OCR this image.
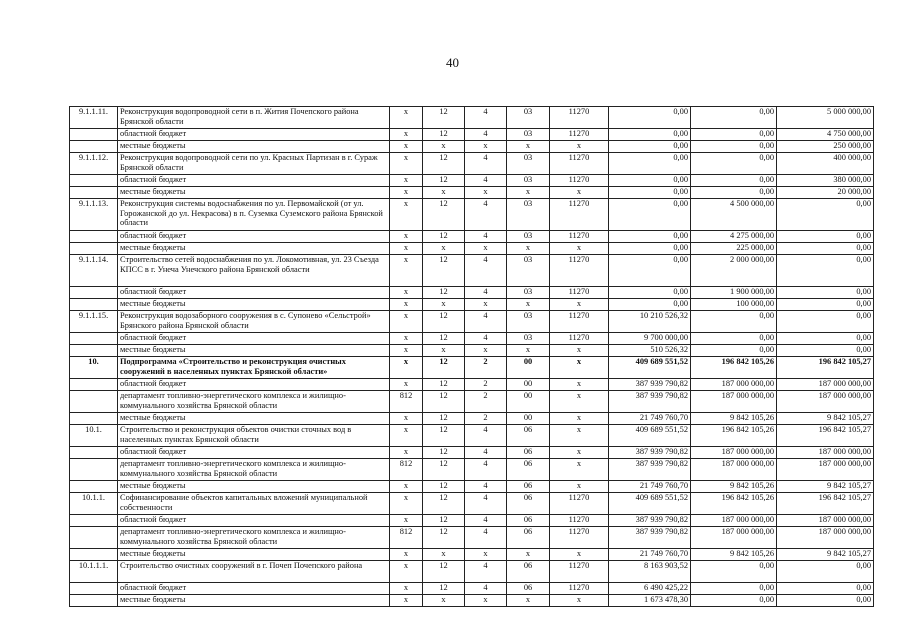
40
9.1.1.11.	Реконструкция водопроводной сети в п. Жития Почепского района Брянской области	х	12	4	03	11270	0,00	0,00	5 000 000,00
	областной бюджет	х	12	4	03	11270	0,00	0,00	4 750 000,00
	местные бюджеты	х	х	х	х	х	0,00	0,00	250 000,00
9.1.1.12.	Реконструкция водопроводной сети по ул. Красных Партизан в г. Сураж Брянской области	х	12	4	03	11270	0,00	0,00	400 000,00
	областной бюджет	х	12	4	03	11270	0,00	0,00	380 000,00
	местные бюджеты	х	х	х	х	х	0,00	0,00	20 000,00
9.1.1.13.	Реконструкция системы водоснабжения по ул. Первомайской (от ул. Горожанской до ул. Некрасова) в п. Суземка Суземского района Брянской области	х	12	4	03	11270	0,00	4 500 000,00	0,00
	областной бюджет	х	12	4	03	11270	0,00	4 275 000,00	0,00
	местные бюджеты	х	х	х	х	х	0,00	225 000,00	0,00
9.1.1.14.	Строительство сетей водоснабжения по ул. Локомотивная, ул. 23 Съезда КПСС в г. Унеча Унечского района Брянской области	х	12	4	03	11270	0,00	2 000 000,00	0,00
	областной бюджет	х	12	4	03	11270	0,00	1 900 000,00	0,00
	местные бюджеты	х	х	х	х	х	0,00	100 000,00	0,00
9.1.1.15.	Реконструкция водозаборного сооружения в с. Супонево «Сельстрой» Брянского района Брянской области	х	12	4	03	11270	10 210 526,32	0,00	0,00
	областной бюджет	х	12	4	03	11270	9 700 000,00	0,00	0,00
	местные бюджеты	х	х	х	х	х	510 526,32	0,00	0,00
10.	Подпрограмма «Строительство и реконструкция очистных сооружений в населенных пунктах Брянской области»	х	12	2	00	х	409 689 551,52	196 842 105,26	196 842 105,27
	областной бюджет	х	12	2	00	х	387 939 790,82	187 000 000,00	187 000 000,00
	департамент топливно-энергетического комплекса и жилищно-коммунального хозяйства Брянской области	812	12	2	00	х	387 939 790,82	187 000 000,00	187 000 000,00
	местные бюджеты	х	12	2	00	х	21 749 760,70	9 842 105,26	9 842 105,27
10.1.	Строительство и реконструкция объектов очистки сточных вод в населенных пунктах Брянской области	х	12	4	06	х	409 689 551,52	196 842 105,26	196 842 105,27
	областной бюджет	х	12	4	06	х	387 939 790,82	187 000 000,00	187 000 000,00
	департамент топливно-энергетического комплекса и жилищно-коммунального хозяйства Брянской области	812	12	4	06	х	387 939 790,82	187 000 000,00	187 000 000,00
	местные бюджеты	х	12	4	06	х	21 749 760,70	9 842 105,26	9 842 105,27
10.1.1.	Софинансирование объектов капитальных вложений муниципальной собственности	х	12	4	06	11270	409 689 551,52	196 842 105,26	196 842 105,27
	областной бюджет	х	12	4	06	11270	387 939 790,82	187 000 000,00	187 000 000,00
	департамент топливно-энергетического комплекса и жилищно-коммунального хозяйства Брянской области	812	12	4	06	11270	387 939 790,82	187 000 000,00	187 000 000,00
	местные бюджеты	х	х	х	х	х	21 749 760,70	9 842 105,26	9 842 105,27
10.1.1.1.	Строительство очистных сооружений в г. Почеп Почепского района	х	12	4	06	11270	8 163 903,52	0,00	0,00
	областной бюджет	х	12	4	06	11270	6 490 425,22	0,00	0,00
	местные бюджеты	х	х	х	х	х	1 673 478,30	0,00	0,00
